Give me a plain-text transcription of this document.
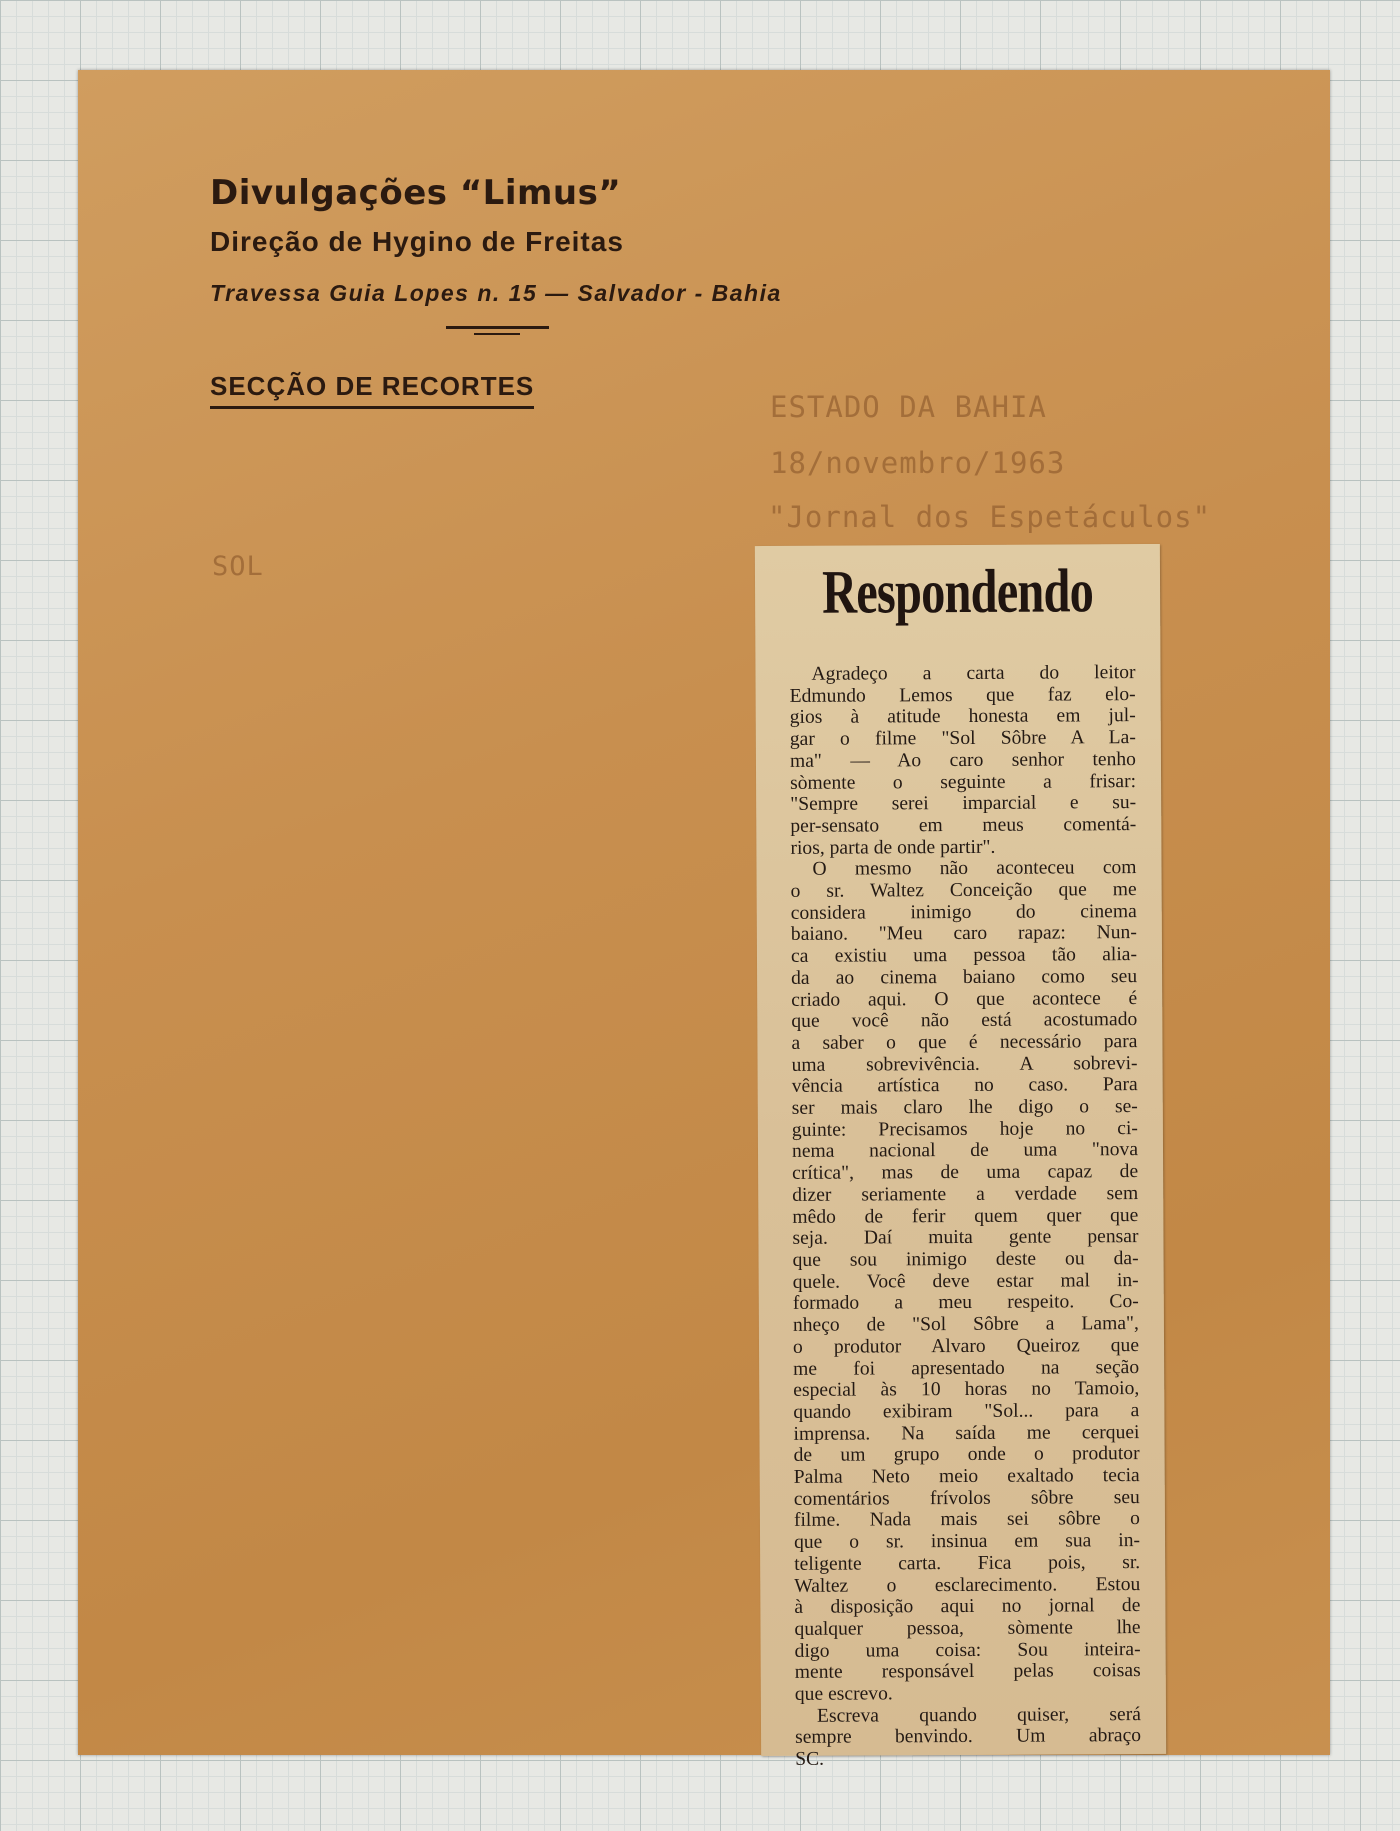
Divulgações “Limus”
Direção de Hygino de Freitas
Travessa Guia Lopes n. 15 — Salvador - Bahia
SECÇÃO DE RECORTES
ESTADO DA BAHIA
18/novembro/1963
"Jornal dos Espetáculos"
SOL	Respondendo
Agradeço a carta do leitor
Edmundo Lemos que faz elo-
gios à atitude honesta em jul-
gar o filme "Sol Sôbre A La-
ma" — Ao caro senhor tenho
sòmente o seguinte a frisar:
"Sempre serei imparcial e su-
per-sensato em meus comentá-
rios, parta de onde partir".
O mesmo não aconteceu com
o sr. Waltez Conceição que me
considera inimigo do cinema
baiano. "Meu caro rapaz: Nun-
ca existiu uma pessoa tão alia-
da ao cinema baiano como seu
criado aqui. O que acontece é
que você não está acostumado
a saber o que é necessário para
uma sobrevivência. A sobrevi-
vência artística no caso. Para
ser mais claro lhe digo o se-
guinte: Precisamos hoje no ci-
nema nacional de uma "nova
crítica", mas de uma capaz de
dizer seriamente a verdade sem
mêdo de ferir quem quer que
seja. Daí muita gente pensar
que sou inimigo deste ou da-
quele. Você deve estar mal in-
formado a meu respeito. Co-
nheço de "Sol Sôbre a Lama",
o produtor Alvaro Queiroz que
me foi apresentado na seção
especial às 10 horas no Tamoio,
quando exibiram "Sol... para a
imprensa. Na saída me cerquei
de um grupo onde o produtor
Palma Neto meio exaltado tecia
comentários frívolos sôbre seu
filme. Nada mais sei sôbre o
que o sr. insinua em sua in-
teligente carta. Fica pois, sr.
Waltez o esclarecimento. Estou
à disposição aqui no jornal de
qualquer pessoa, sòmente lhe
digo uma coisa: Sou inteira-
mente responsável pelas coisas
que escrevo.
Escreva quando quiser, será
sempre benvindo. Um abraço
SC.
